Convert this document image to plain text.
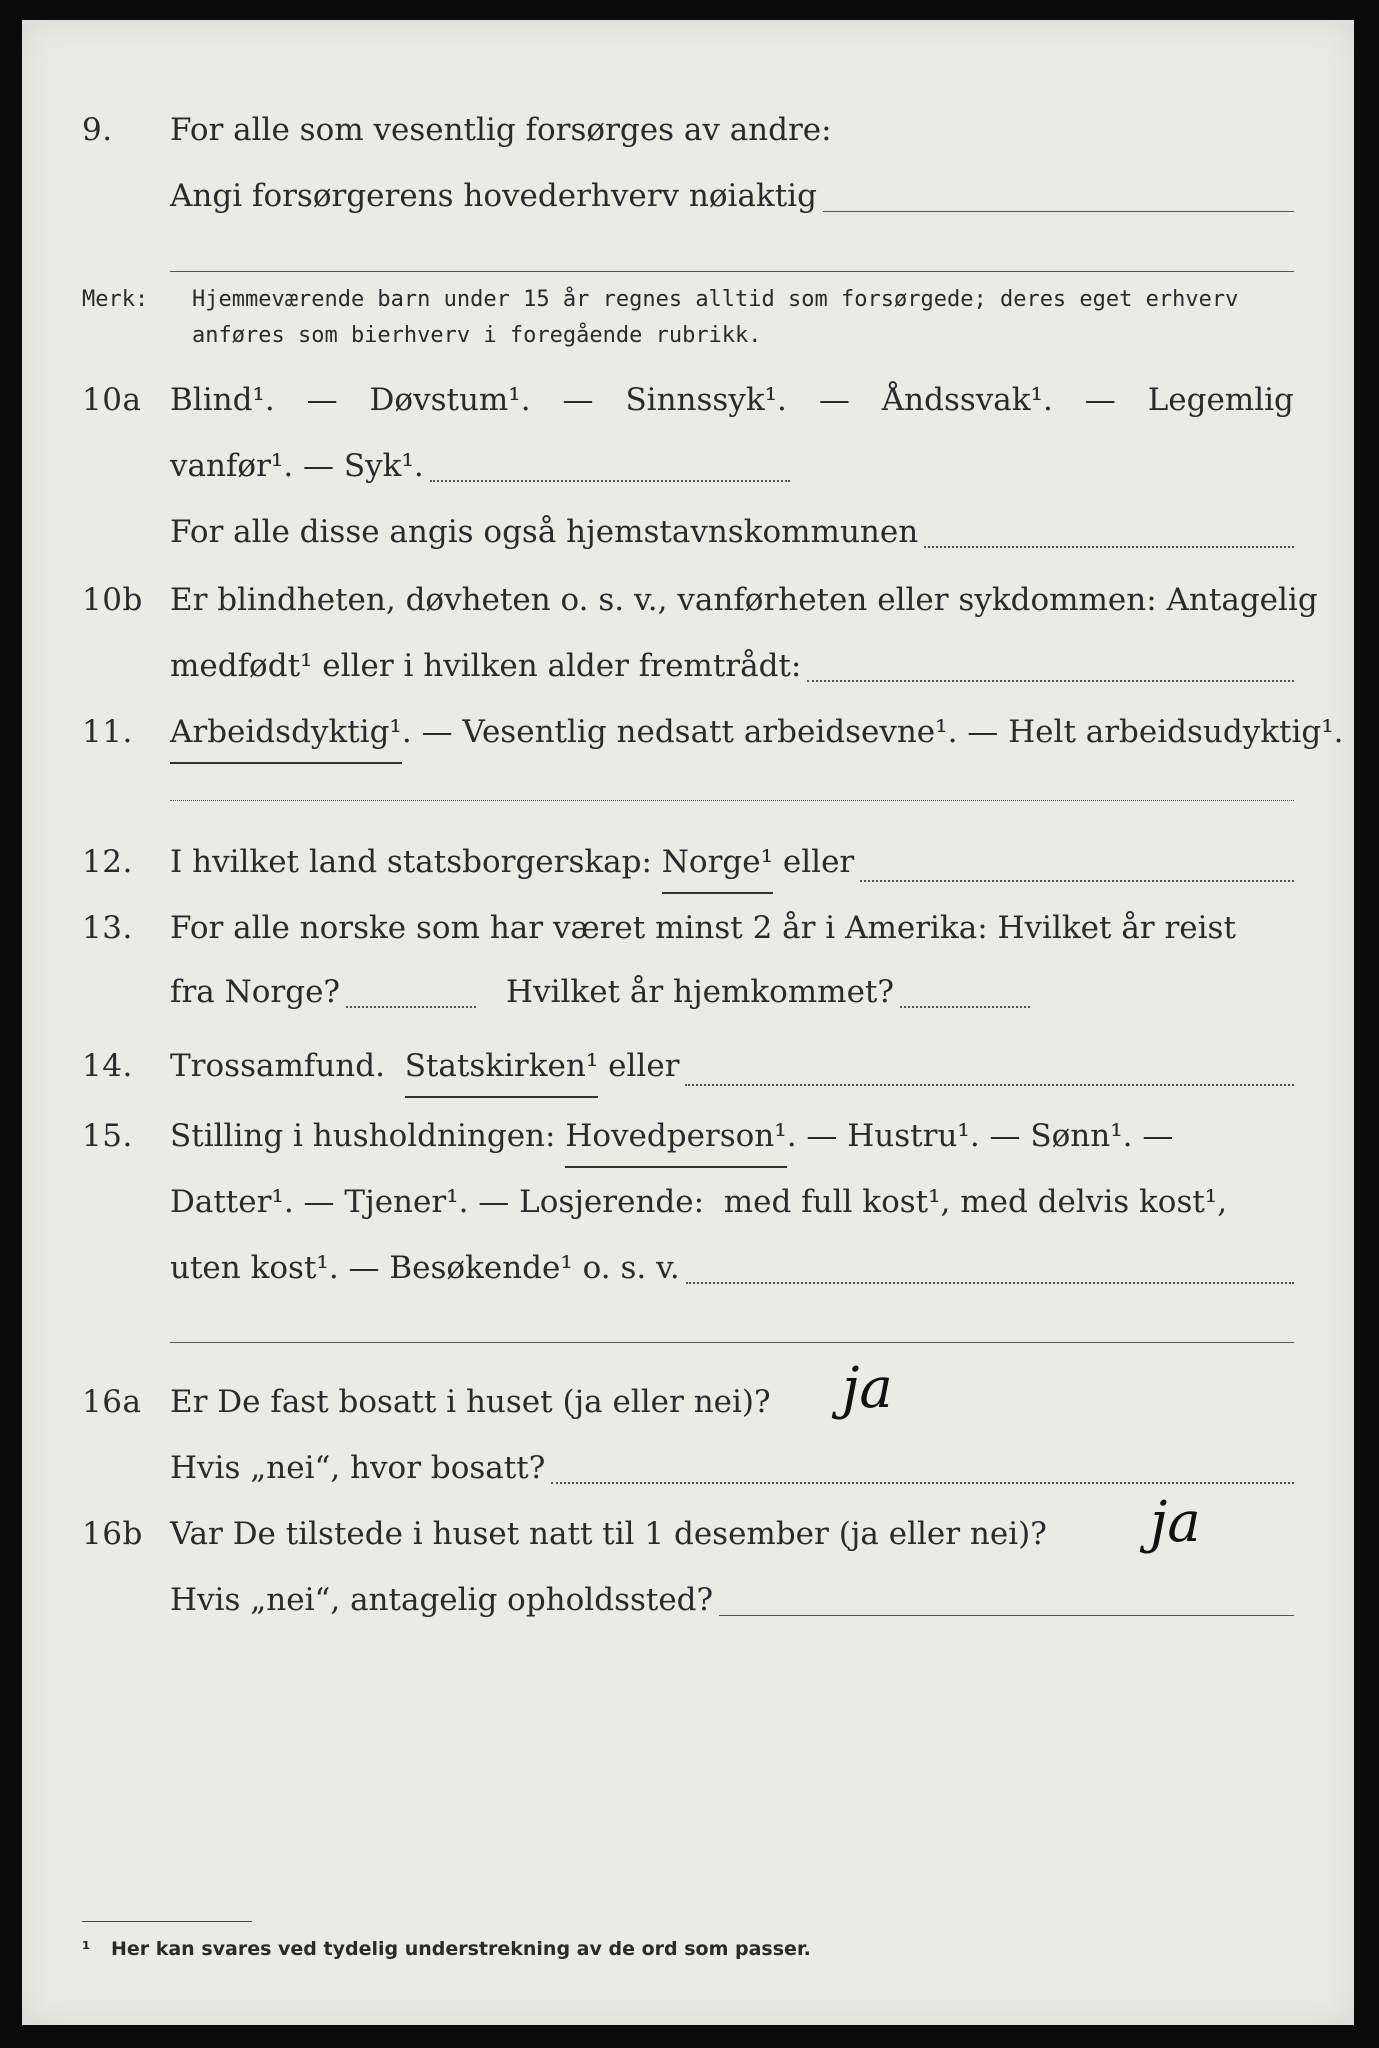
9. For alle som vesentlig forsørges av andre:
Angi forsørgerens hovederhverv nøiaktig
Merk: Hjemmeværende barn under 15 år regnes alltid som forsørgede; deres eget erhverv anføres som bierhverv i foregående rubrikk.
10a Blind¹. — Døvstum¹. — Sinnssyk¹. — Åndssvak¹. — Legemlig
vanfør¹. — Syk¹.
For alle disse angis også hjemstavnskommunen
10b Er blindheten, døvheten o. s. v., vanførheten eller sykdommen: Antagelig
medfødt¹ eller i hvilken alder fremtrådt:
11. Arbeidsdyktig¹ . — Vesentlig nedsatt arbeidsevne¹. — Helt arbeidsudyktig¹.
12. I hvilket land statsborgerskap:
Norge¹
eller
13. For alle norske som har været minst 2 år i Amerika: Hvilket år reist
fra Norge?	Hvilket år hjemkommet?
14. Trossamfund.
Statskirken¹
eller
15. Stilling i husholdningen:
Hovedperson¹ . — Hustru¹. — Sønn¹. —
Datter¹. — Tjener¹. — Losjerende:  med full kost¹, med delvis kost¹,
uten kost¹. — Besøkende¹ o. s. v.
16a Er De fast bosatt i huset (ja eller nei)? ja
Hvis „nei“, hvor bosatt?
16b Var De tilstede i huset natt til 1 desember (ja eller nei)? ja
Hvis „nei“, antagelig opholdssted?
¹ Her kan svares ved tydelig understrekning av de ord som passer.
